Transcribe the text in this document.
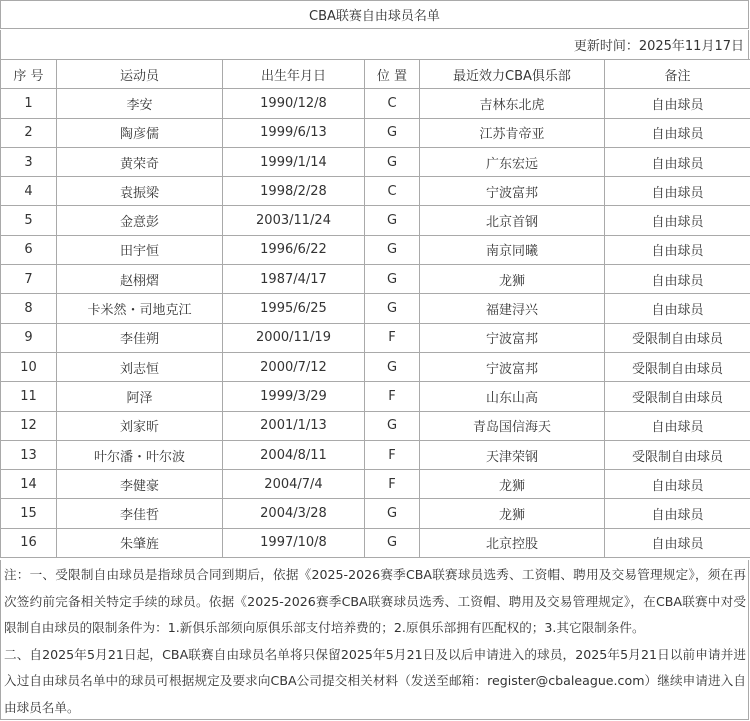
CBA联赛自由球员名单
更新时间：2025年11月17日
序 号	运动员	出生年月日	位 置	最近效力CBA俱乐部	备注
1	李安	1990/12/8	C	吉林东北虎	自由球员
2	陶彦儒	1999/6/13	G	江苏肯帝亚	自由球员
3	黄荣奇	1999/1/14	G	广东宏远	自由球员
4	袁振梁	1998/2/28	C	宁波富邦	自由球员
5	金意彭	2003/11/24	G	北京首钢	自由球员
6	田宇恒	1996/6/22	G	南京同曦	自由球员
7	赵栩熠	1987/4/17	G	龙狮	自由球员
8	卡米然・司地克江	1995/6/25	G	福建浔兴	自由球员
9	李佳朔	2000/11/19	F	宁波富邦	受限制自由球员
10	刘志恒	2000/7/12	G	宁波富邦	受限制自由球员
11	阿泽	1999/3/29	F	山东山高	受限制自由球员
12	刘家昕	2001/1/13	G	青岛国信海天	自由球员
13	叶尔潘・叶尔波	2004/8/11	F	天津荣钢	受限制自由球员
14	李健豪	2004/7/4	F	龙狮	自由球员
15	李佳哲	2004/3/28	G	龙狮	自由球员
16	朱肇旌	1997/10/8	G	北京控股	自由球员

注：一、受限制自由球员是指球员合同到期后，依据《2025-2026赛季CBA联赛球员选秀、工资帽、聘用及交易管理规定》，须在再次签约前完备相关特定手续的球员。依据《2025-2026赛季CBA联赛球员选秀、工资帽、聘用及交易管理规定》，在CBA联赛中对受限制自由球员的限制条件为：1.新俱乐部须向原俱乐部支付培养费的；2.原俱乐部拥有匹配权的；3.其它限制条件。

二、自2025年5月21日起，CBA联赛自由球员名单将只保留2025年5月21日及以后申请进入的球员，2025年5月21日以前申请并进入过自由球员名单中的球员可根据规定及要求向CBA公司提交相关材料（发送至邮箱：register@cbaleague.com）继续申请进入自由球员名单。
